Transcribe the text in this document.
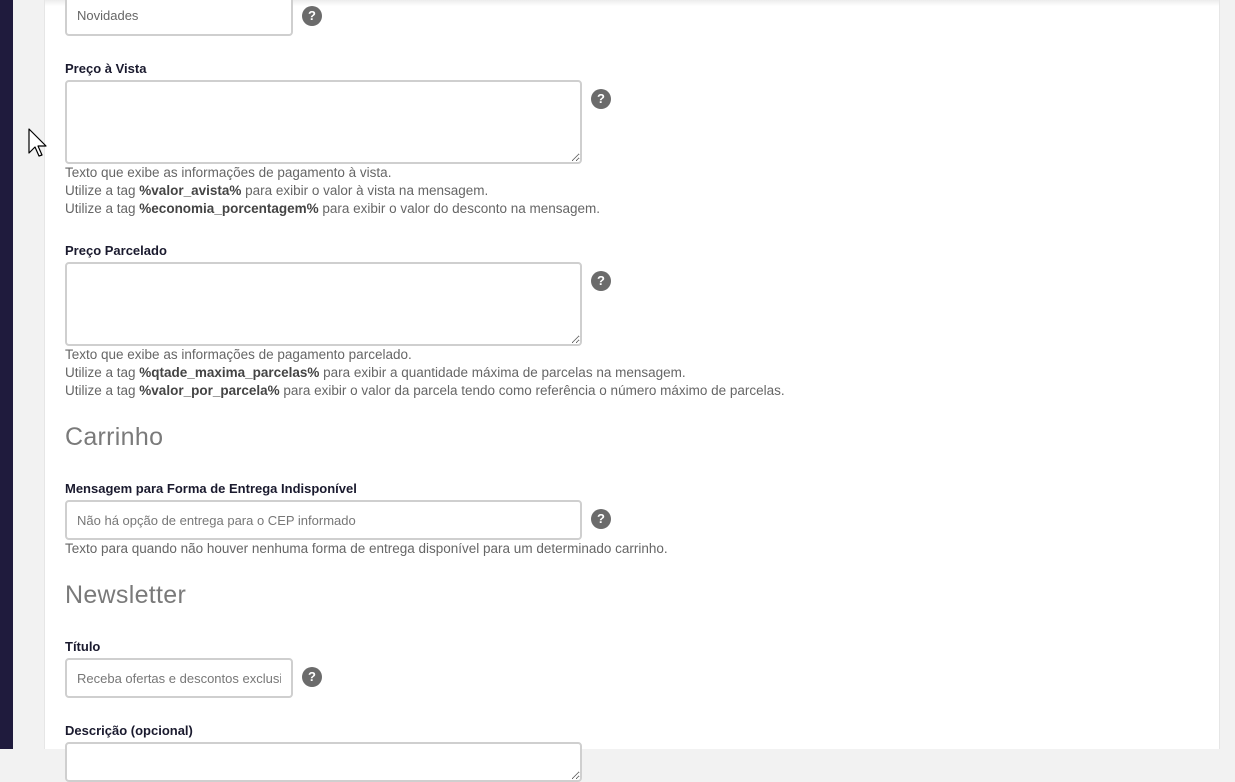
Novidades
?
Preço à Vista
?
Texto que exibe as informações de pagamento à vista.
Utilize a tag %valor_avista% para exibir o valor à vista na mensagem.
Utilize a tag %economia_porcentagem% para exibir o valor do desconto na mensagem.
Preço Parcelado
?
Texto que exibe as informações de pagamento parcelado.
Utilize a tag %qtade_maxima_parcelas% para exibir a quantidade máxima de parcelas na mensagem.
Utilize a tag %valor_por_parcela% para exibir o valor da parcela tendo como referência o número máximo de parcelas.
Carrinho
Mensagem para Forma de Entrega Indisponível
Não há opção de entrega para o CEP informado
?
Texto para quando não houver nenhuma forma de entrega disponível para um determinado carrinho.
Newsletter
Título
Receba ofertas e descontos exclusivos
?
Descrição (opcional)
